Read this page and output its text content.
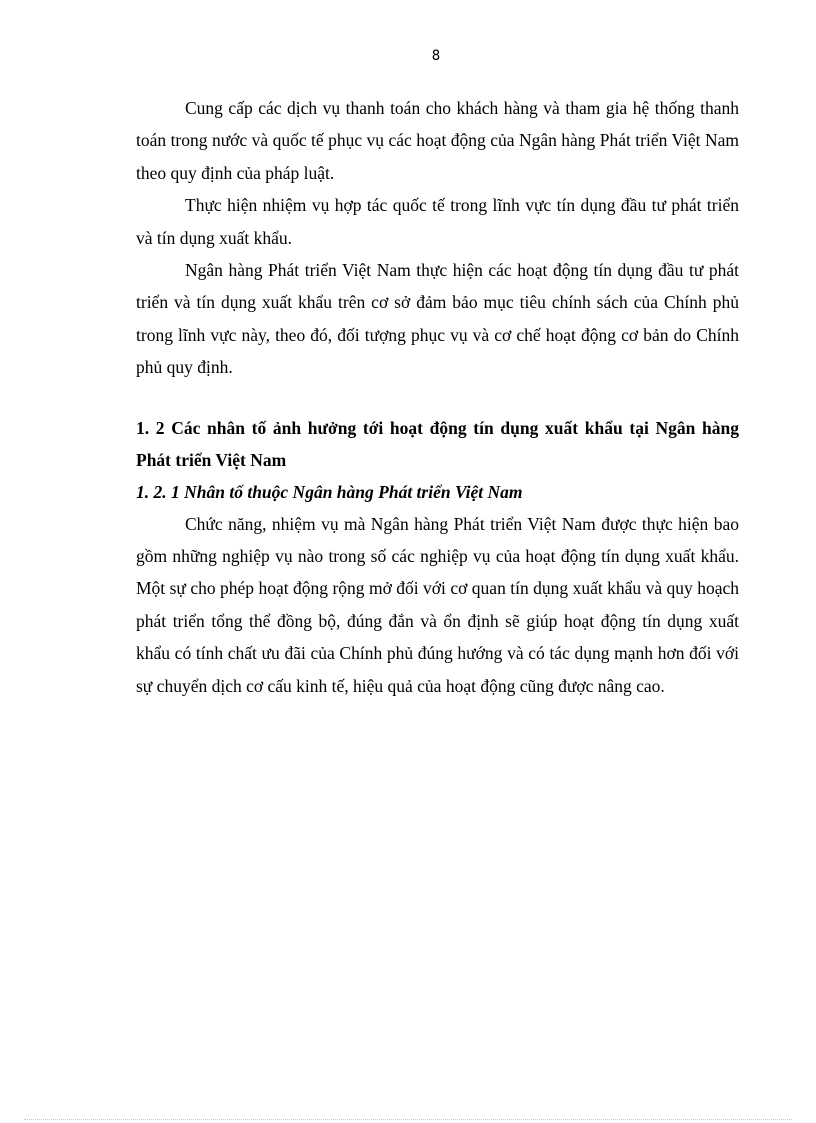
8

Cung cấp các dịch vụ thanh toán cho khách hàng và tham gia hệ thống thanh toán trong nước và quốc tế phục vụ các hoạt động của Ngân hàng Phát triển Việt Nam theo quy định của pháp luật.

Thực hiện nhiệm vụ hợp tác quốc tế trong lĩnh vực tín dụng đầu tư phát triển và tín dụng xuất khẩu.

Ngân hàng Phát triển Việt Nam thực hiện các hoạt động tín dụng đầu tư phát triển và tín dụng xuất khẩu trên cơ sở đảm bảo mục tiêu chính sách của Chính phủ trong lĩnh vực này, theo đó, đối tượng phục vụ và cơ chế hoạt động cơ bản do Chính phủ quy định.

1. 2 Các nhân tố ảnh hưởng tới hoạt động tín dụng xuất khẩu tại Ngân hàng Phát triển Việt Nam

1. 2. 1 Nhân tố thuộc Ngân hàng Phát triển Việt Nam

Chức năng, nhiệm vụ mà Ngân hàng Phát triển Việt Nam được thực hiện bao gồm những nghiệp vụ nào trong số các nghiệp vụ của hoạt động tín dụng xuất khẩu. Một sự cho phép hoạt động rộng mở đối với cơ quan tín dụng xuất khẩu và quy hoạch phát triển tổng thể đồng bộ, đúng đắn và ổn định sẽ giúp hoạt động tín dụng xuất khẩu có tính chất ưu đãi của Chính phủ đúng hướng và có tác dụng mạnh hơn đối với sự chuyển dịch cơ cấu kinh tế, hiệu quả của hoạt động cũng được nâng cao.
